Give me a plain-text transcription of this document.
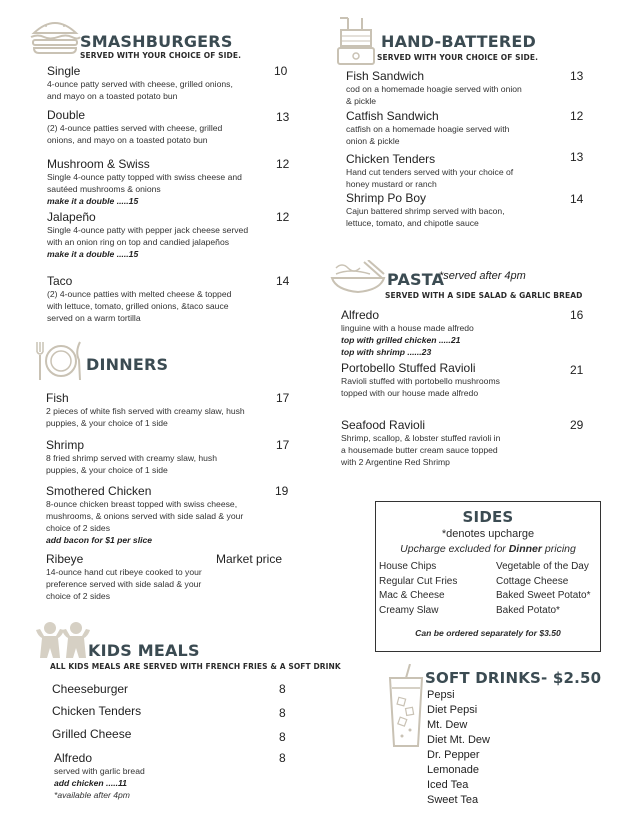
SMASHBURGERS
SERVED WITH YOUR CHOICE OF SIDE.
Single
4-ounce patty served with cheese, grilled onions, and mayo on a toasted potato bun
10
Double
(2) 4-ounce patties served with cheese, grilled onions, and mayo on a toasted potato bun
13
Mushroom & Swiss
Single 4-ounce patty topped with swiss cheese and sautéed mushrooms & onions
make it a double .....15
12
Jalapeño
Single 4-ounce patty with pepper jack cheese served with an onion ring on top and candied jalapeños
make it a double .....15
12
Taco
(2) 4-ounce patties with melted cheese & topped with lettuce, tomato, grilled onions, &taco sauce served on a warm tortilla
14
DINNERS
Fish
2 pieces of white fish served with creamy slaw, hush puppies, & your choice of 1 side
17
Shrimp
8 fried shrimp served with creamy slaw, hush puppies, & your choice of 1 side
17
Smothered Chicken
8-ounce chicken breast topped with swiss cheese, mushrooms, & onions served with side salad & your choice of 2 sides
add bacon for $1 per slice
19
Ribeye
14-ounce hand cut ribeye cooked to your preference served with side salad & your choice of 2 sides
Market price
KIDS MEALS
ALL KIDS MEALS ARE SERVED WITH FRENCH FRIES & A SOFT DRINK
Cheeseburger	8
Chicken Tenders	8
Grilled Cheese	8
Alfredo
served with garlic bread
add chicken .....11
*available after 4pm
8
HAND-BATTERED
SERVED WITH YOUR CHOICE OF SIDE.
Fish Sandwich
cod on a homemade hoagie served with onion & pickle
13
Catfish Sandwich
catfish on a homemade hoagie served with onion & pickle
12
Chicken Tenders
Hand cut tenders served with your choice of honey mustard or ranch
13
Shrimp Po Boy
Cajun battered shrimp served with bacon, lettuce, tomato, and chipotle sauce
14
PASTA
*served after 4pm
SERVED WITH A SIDE SALAD & GARLIC BREAD
Alfredo
linguine with a house made alfredo
top with grilled chicken .....21
top with shrimp ......23
16
Portobello Stuffed Ravioli
Ravioli stuffed with portobello mushrooms topped with our house made alfredo
21
Seafood Ravioli
Shrimp, scallop, & lobster stuffed ravioli in a housemade butter cream sauce topped with 2 Argentine Red Shrimp
29
SIDES
*denotes upcharge
Upcharge excluded for Dinner pricing
House Chips
Regular Cut Fries
Mac & Cheese
Creamy Slaw
Vegetable of the Day
Cottage Cheese
Baked Sweet Potato*
Baked Potato*
Can be ordered separately for $3.50
SOFT DRINKS- $2.50
Pepsi
Diet Pepsi
Mt. Dew
Diet Mt. Dew
Dr. Pepper
Lemonade
Iced Tea
Sweet Tea
